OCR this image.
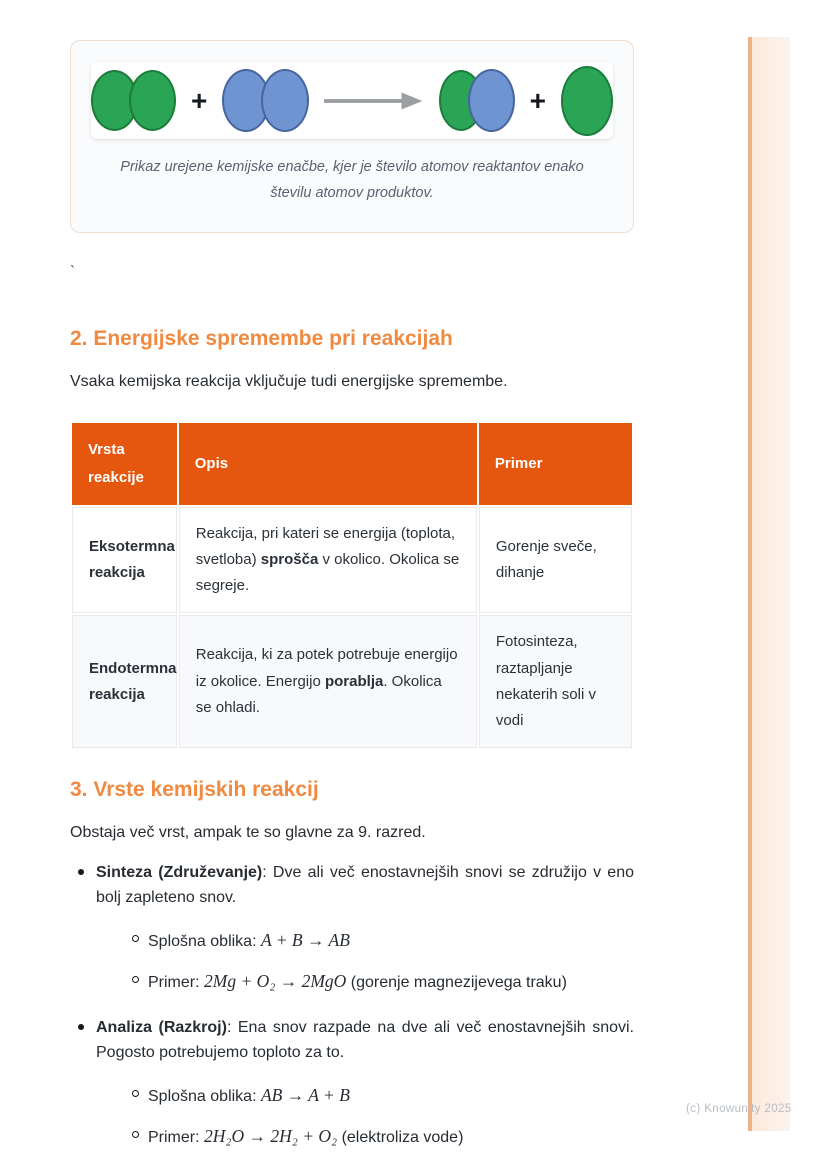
(c) Knowunity 2025
+	+
Prikaz urejene kemijske enačbe, kjer je število atomov reaktantov enako številu atomov produktov.
`
2. Energijske spremembe pri reakcijah

Vsaka kemijska reakcija vključuje tudi energijske spremembe.

Vrsta reakcije	Opis	Primer
Eksotermna reakcija	Reakcija, pri kateri se energija (toplota, svetloba) sprošča v okolico. Okolica se segreje.	Gorenje sveče, dihanje
Endotermna reakcija	Reakcija, ki za potek potrebuje energijo iz okolice. Energijo porablja. Okolica se ohladi.	Fotosinteza, raztapljanje nekaterih soli v vodi
3. Vrste kemijskih reakcij

Obstaja več vrst, ampak te so glavne za 9. razred.

Sinteza (Združevanje): Dve ali več enostavnejših snovi se združijo v eno bolj zapleteno snov.
Splošna oblika: A + B → AB
Primer: 2Mg + O₂ → 2MgO (gorenje magnezijevega traku)
Analiza (Razkroj): Ena snov razpade na dve ali več enostavnejših snovi. Pogosto potrebujemo toploto za to.
Splošna oblika: AB → A + B
Primer: 2H₂O → 2H₂ + O₂ (elektroliza vode)
